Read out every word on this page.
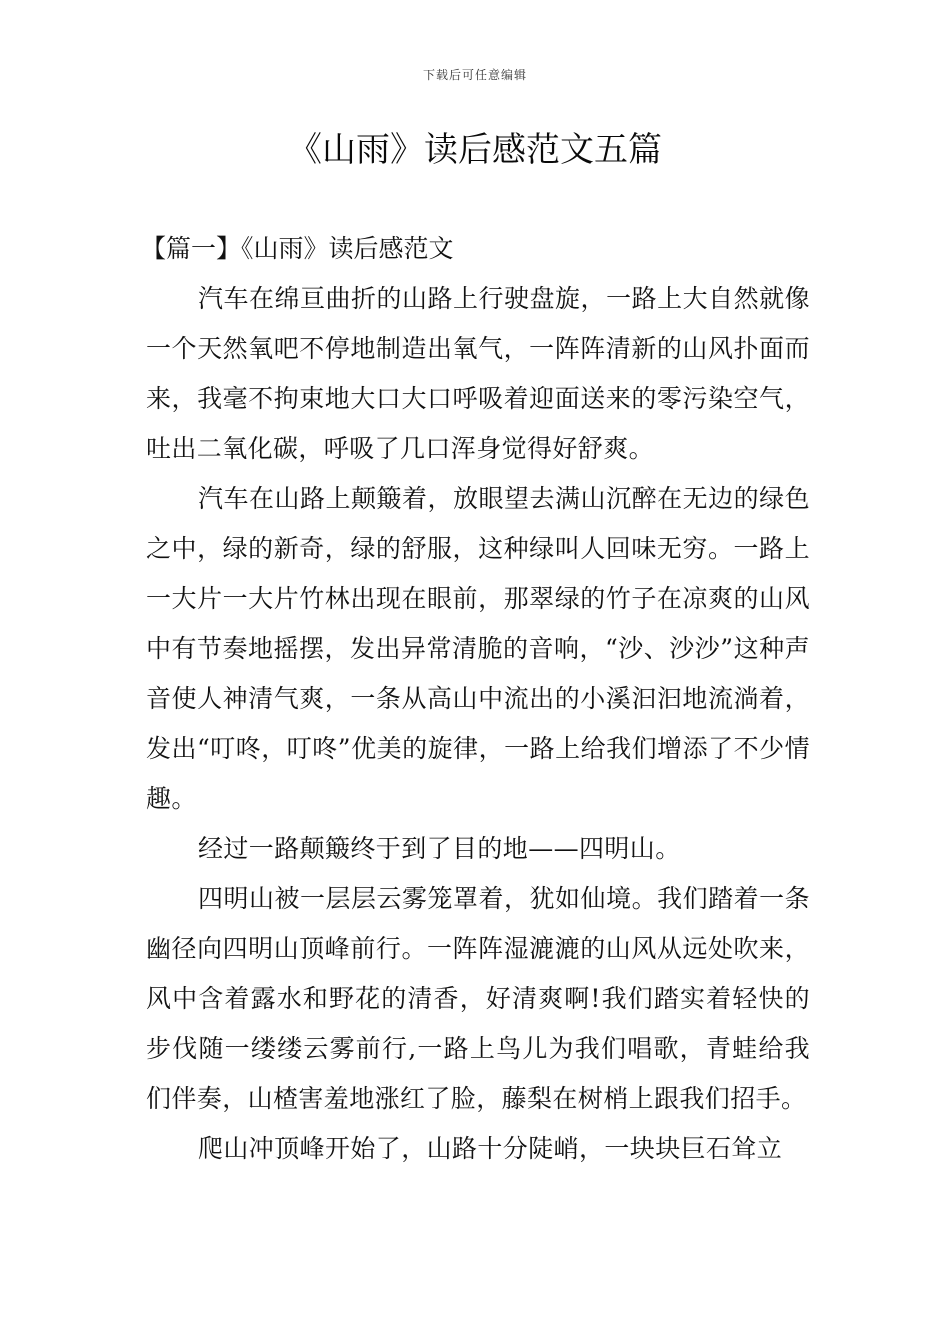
下载后可任意编辑
《山雨》读后感范文五篇

【篇一】《山雨》读后感范文

汽车在绵亘曲折的山路上行驶盘旋，一路上大自然就像一个天然氧吧不停地制造出氧气，一阵阵清新的山风扑面而来，我毫不拘束地大口大口呼吸着迎面送来的零污染空气，吐出二氧化碳，呼吸了几口浑身觉得好舒爽。

汽车在山路上颠簸着，放眼望去满山沉醉在无边的绿色之中，绿的新奇，绿的舒服，这种绿叫人回味无穷。一路上一大片一大片竹林出现在眼前，那翠绿的竹子在凉爽的山风中有节奏地摇摆，发出异常清脆的音响，“沙、沙沙”这种声音使人神清气爽，一条从高山中流出的小溪汩汩地流淌着，发出“叮咚，叮咚”优美的旋律，一路上给我们增添了不少情趣。

经过一路颠簸终于到了目的地——四明山。

四明山被一层层云雾笼罩着，犹如仙境。我们踏着一条幽径向四明山顶峰前行。一阵阵湿漉漉的山风从远处吹来，风中含着露水和野花的清香，好清爽啊!我们踏实着轻快的步伐随一缕缕云雾前行,一路上鸟儿为我们唱歌，青蛙给我们伴奏，山楂害羞地涨红了脸，藤梨在树梢上跟我们招手。

爬山冲顶峰开始了，山路十分陡峭，一块块巨石耸立
